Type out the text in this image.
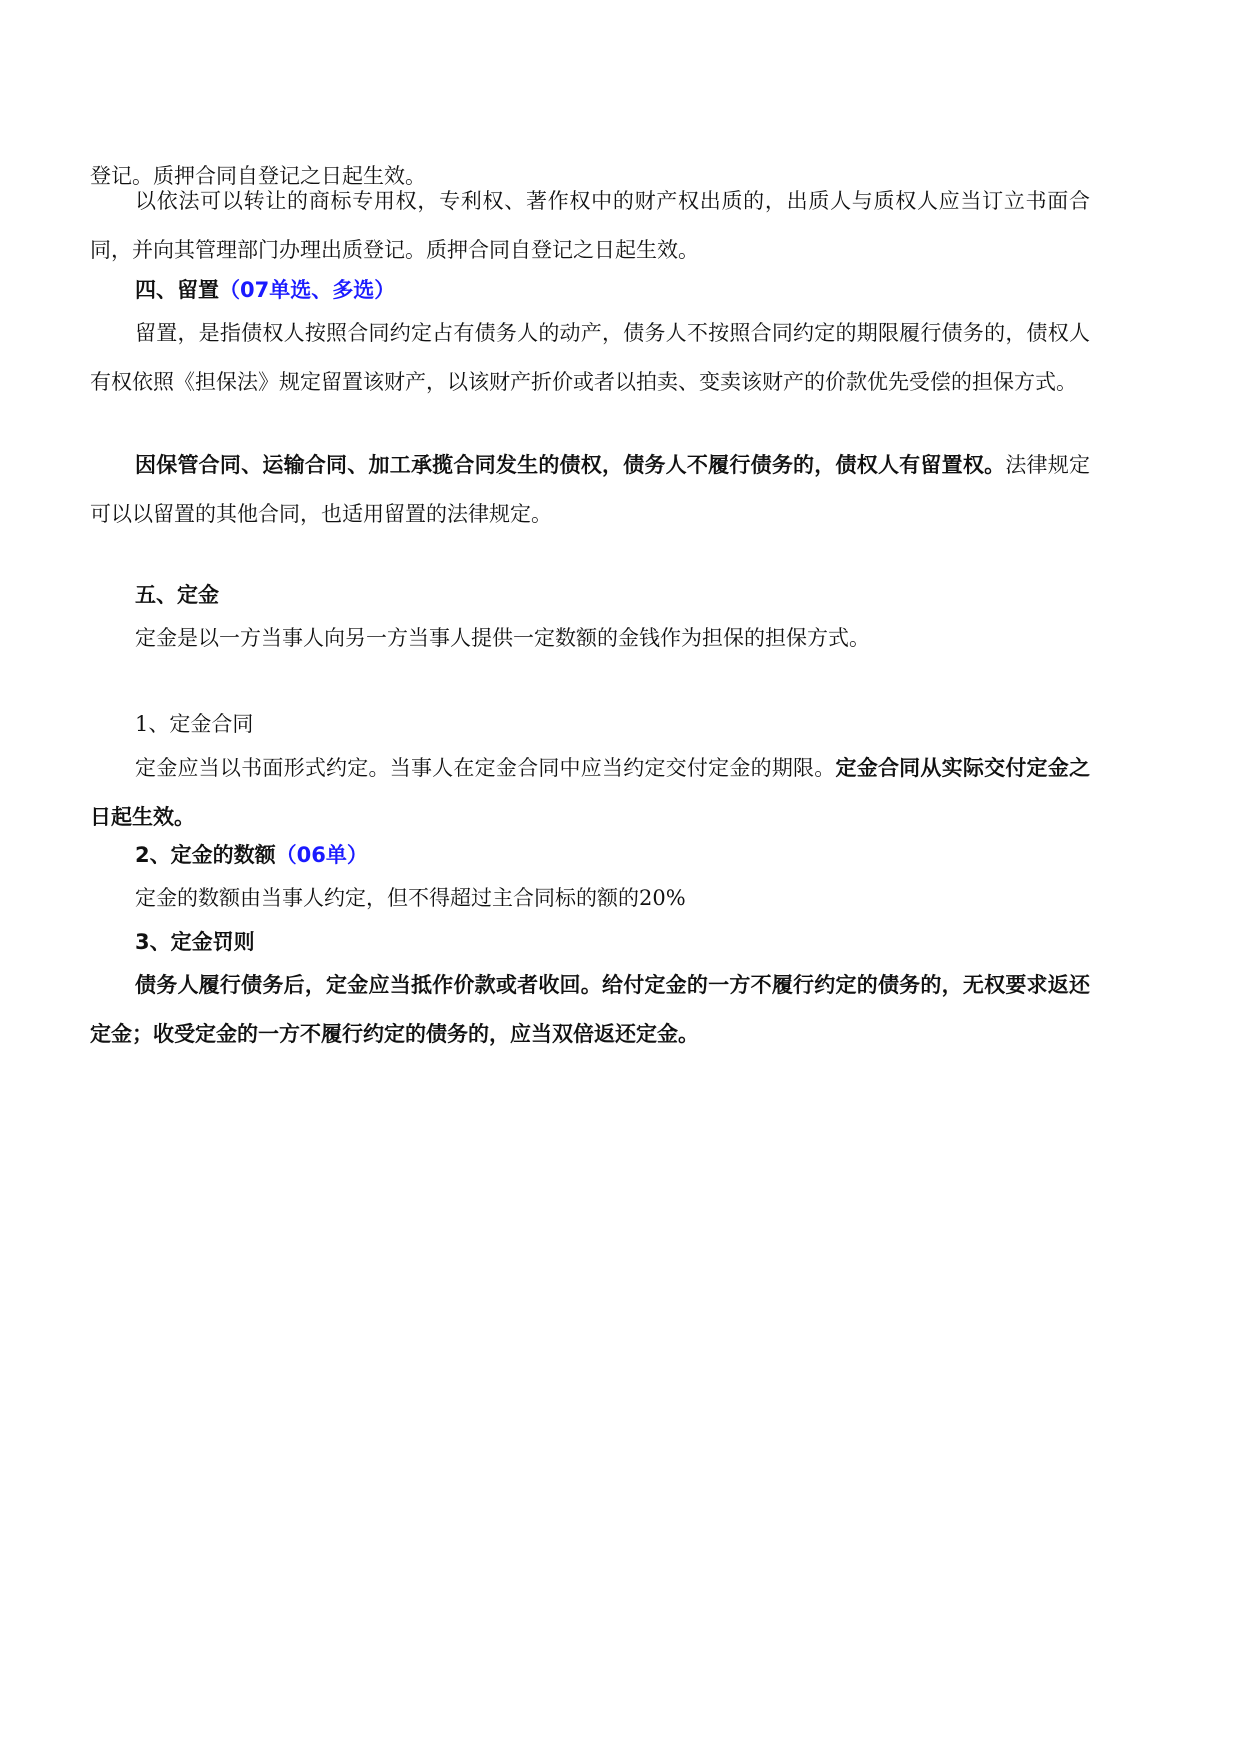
登记。质押合同自登记之日起生效。

以依法可以转让的商标专用权，专利权、著作权中的财产权出质的，出质人与质权人应当订立书面合同，并向其管理部门办理出质登记。质押合同自登记之日起生效。

四、留置（07单选、多选）

留置，是指债权人按照合同约定占有债务人的动产，债务人不按照合同约定的期限履行债务的，债权人有权依照《担保法》规定留置该财产，以该财产折价或者以拍卖、变卖该财产的价款优先受偿的担保方式。

因保管合同、运输合同、加工承揽合同发生的债权，债务人不履行债务的，债权人有留置权。法律规定可以以留置的其他合同，也适用留置的法律规定。

五、定金

定金是以一方当事人向另一方当事人提供一定数额的金钱作为担保的担保方式。

1、定金合同

定金应当以书面形式约定。当事人在定金合同中应当约定交付定金的期限。定金合同从实际交付定金之日起生效。

2、定金的数额（06单）

定金的数额由当事人约定，但不得超过主合同标的额的20%

3、定金罚则

债务人履行债务后，定金应当抵作价款或者收回。给付定金的一方不履行约定的债务的，无权要求返还定金；收受定金的一方不履行约定的债务的，应当双倍返还定金。
